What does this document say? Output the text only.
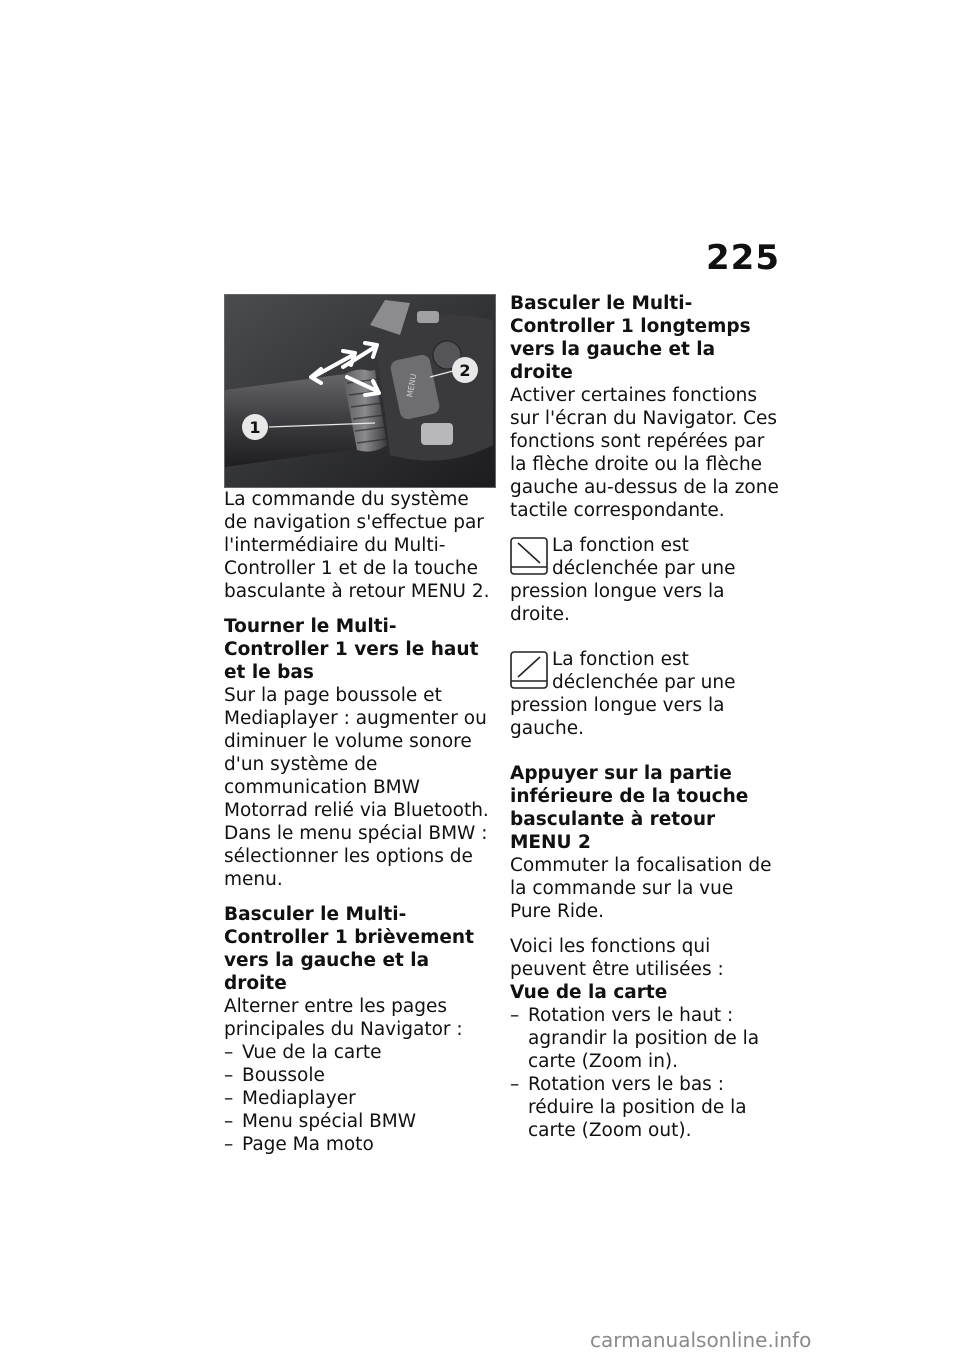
225
MENU
1
2

La commande du système de navigation s'effectue par l'intermédiaire du Multi-Controller 1 et de la touche basculante à retour MENU 2.

Tourner le Multi-Controller 1 vers le haut et le bas

Sur la page boussole et Mediaplayer : augmenter ou diminuer le volume sonore d'un système de communication BMW Motorrad relié via Bluetooth.

Dans le menu spécial BMW : sélectionner les options de menu.

Basculer le Multi-Controller 1 brièvement vers la gauche et la droite

Alterner entre les pages principales du Navigator :

– Vue de la carte
– Boussole
– Mediaplayer
– Menu spécial BMW
– Page Ma moto
Basculer le Multi-Controller 1 longtemps vers la gauche et la droite

Activer certaines fonctions sur l'écran du Navigator. Ces fonctions sont repérées par la flèche droite ou la flèche gauche au-dessus de la zone tactile correspondante.

La fonction est déclenchée par une pression longue vers la droite.
La fonction est déclenchée par une pression longue vers la gauche.
Appuyer sur la partie inférieure de la touche basculante à retour MENU 2

Commuter la focalisation de la commande sur la vue Pure Ride.

Voici les fonctions qui peuvent être utilisées :

Vue de la carte
– Rotation vers le haut : agrandir la position de la carte (Zoom in).
– Rotation vers le bas : réduire la position de la carte (Zoom out).
carmanualsonline.info
